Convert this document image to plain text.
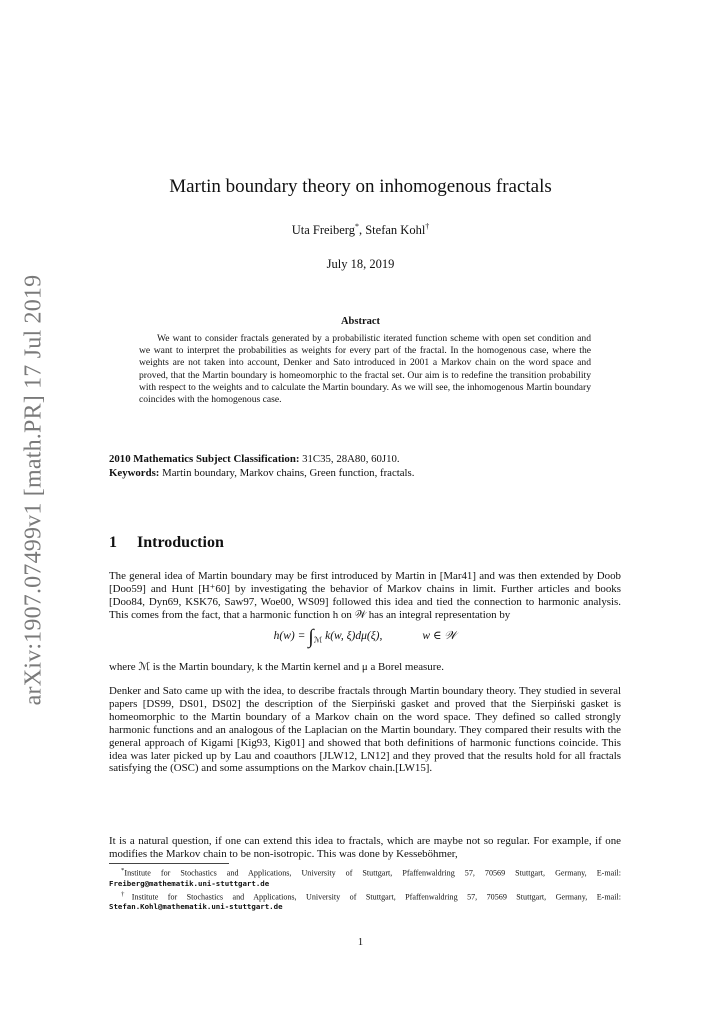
arXiv:1907.07499v1 [math.PR] 17 Jul 2019
Martin boundary theory on inhomogenous fractals
Uta Freiberg*, Stefan Kohl†
July 18, 2019
Abstract

We want to consider fractals generated by a probabilistic iterated function scheme with open set condition and we want to interpret the probabilities as weights for every part of the fractal. In the homogenous case, where the weights are not taken into account, Denker and Sato introduced in 2001 a Markov chain on the word space and proved, that the Martin boundary is homeomorphic to the fractal set. Our aim is to redefine the transition probability with respect to the weights and to calculate the Martin boundary. As we will see, the inhomogenous Martin boundary coincides with the homogenous case.

2010 Mathematics Subject Classification: 31C35, 28A80, 60J10.
Keywords: Martin boundary, Markov chains, Green function, fractals.
1 Introduction

The general idea of Martin boundary may be first introduced by Martin in [Mar41] and was then extended by Doob [Doo59] and Hunt [H⁺60] by investigating the behavior of Markov chains in limit. Further articles and books [Doo84, Dyn69, KSK76, Saw97, Woe00, WS09] followed this idea and tied the connection to harmonic analysis. This comes from the fact, that a harmonic function h on 𝒲 has an integral representation by

$h(w) = \int_ℳ$ k(w, ξ)dμ(ξ),	w ∈ 𝒲

where ℳ is the Martin boundary, k the Martin kernel and μ a Borel measure.

Denker and Sato came up with the idea, to describe fractals through Martin boundary theory. They studied in several papers [DS99, DS01, DS02] the description of the Sierpiński gasket and proved that the Sierpiński gasket is homeomorphic to the Martin boundary of a Markov chain on the word space. They defined so called strongly harmonic functions and an analogous of the Laplacian on the Martin boundary. They compared their results with the general approach of Kigami [Kig93, Kig01] and showed that both definitions of harmonic functions coincide. This idea was later picked up by Lau and coauthors [JLW12, LN12] and they proved that the results hold for all fractals satisfying the (OSC) and some assumptions on the Markov chain.[LW15].

It is a natural question, if one can extend this idea to fractals, which are maybe not so regular. For example, if one modifies the Markov chain to be non-isotropic. This was done by Kesseböhmer,

*Institute for Stochastics and Applications, University of Stuttgart, Pfaffenwaldring 57, 70569 Stuttgart, Germany, E-mail: Freiberg@mathematik.uni-stuttgart.de

†Institute for Stochastics and Applications, University of Stuttgart, Pfaffenwaldring 57, 70569 Stuttgart, Germany, E-mail: Stefan.Kohl@mathematik.uni-stuttgart.de

1
